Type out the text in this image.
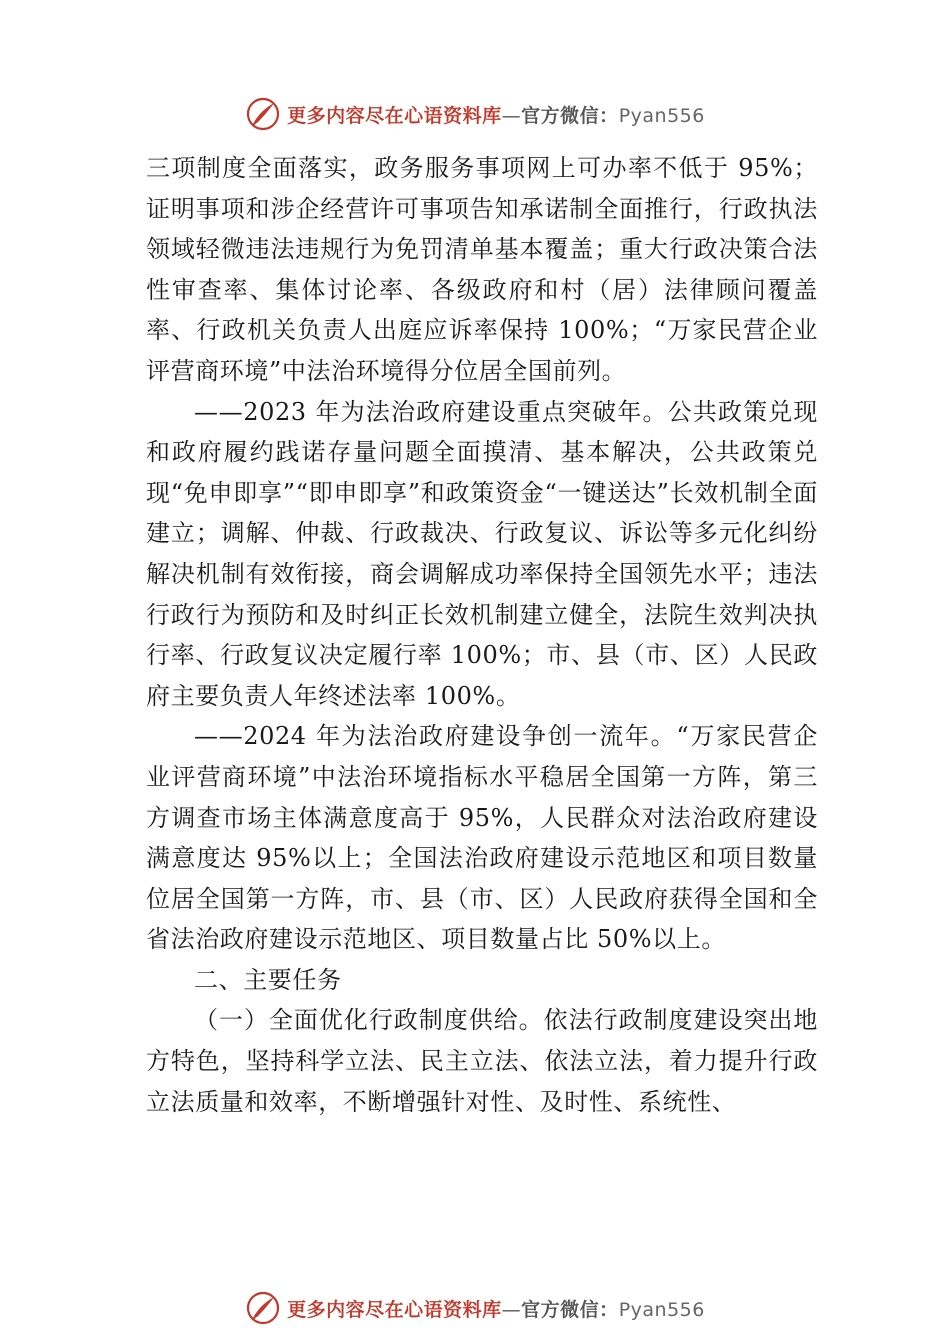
更多内容尽在心语资料库—官方微信：Pyan556

三项制度全面落实，政务服务事项网上可办率不低于 95%；证明事项和涉企经营许可事项告知承诺制全面推行，行政执法领域轻微违法违规行为免罚清单基本覆盖；重大行政决策合法性审查率、集体讨论率、各级政府和村（居）法律顾问覆盖率、行政机关负责人出庭应诉率保持 100%；“万家民营企业评营商环境”中法治环境得分位居全国前列。

——2023 年为法治政府建设重点突破年。公共政策兑现和政府履约践诺存量问题全面摸清、基本解决，公共政策兑现“免申即享”“即申即享”和政策资金“一键送达”长效机制全面建立；调解、仲裁、行政裁决、行政复议、诉讼等多元化纠纷解决机制有效衔接，商会调解成功率保持全国领先水平；违法行政行为预防和及时纠正长效机制建立健全，法院生效判决执行率、行政复议决定履行率 100%；市、县（市、区）人民政府主要负责人年终述法率 100%。

——2024 年为法治政府建设争创一流年。“万家民营企业评营商环境”中法治环境指标水平稳居全国第一方阵，第三方调查市场主体满意度高于 95%，人民群众对法治政府建设满意度达 95%以上；全国法治政府建设示范地区和项目数量位居全国第一方阵，市、县（市、区）人民政府获得全国和全省法治政府建设示范地区、项目数量占比 50%以上。

二、主要任务

（一）全面优化行政制度供给。依法行政制度建设突出地方特色，坚持科学立法、民主立法、依法立法，着力提升行政立法质量和效率，不断增强针对性、及时性、系统性、

更多内容尽在心语资料库—官方微信：Pyan556
